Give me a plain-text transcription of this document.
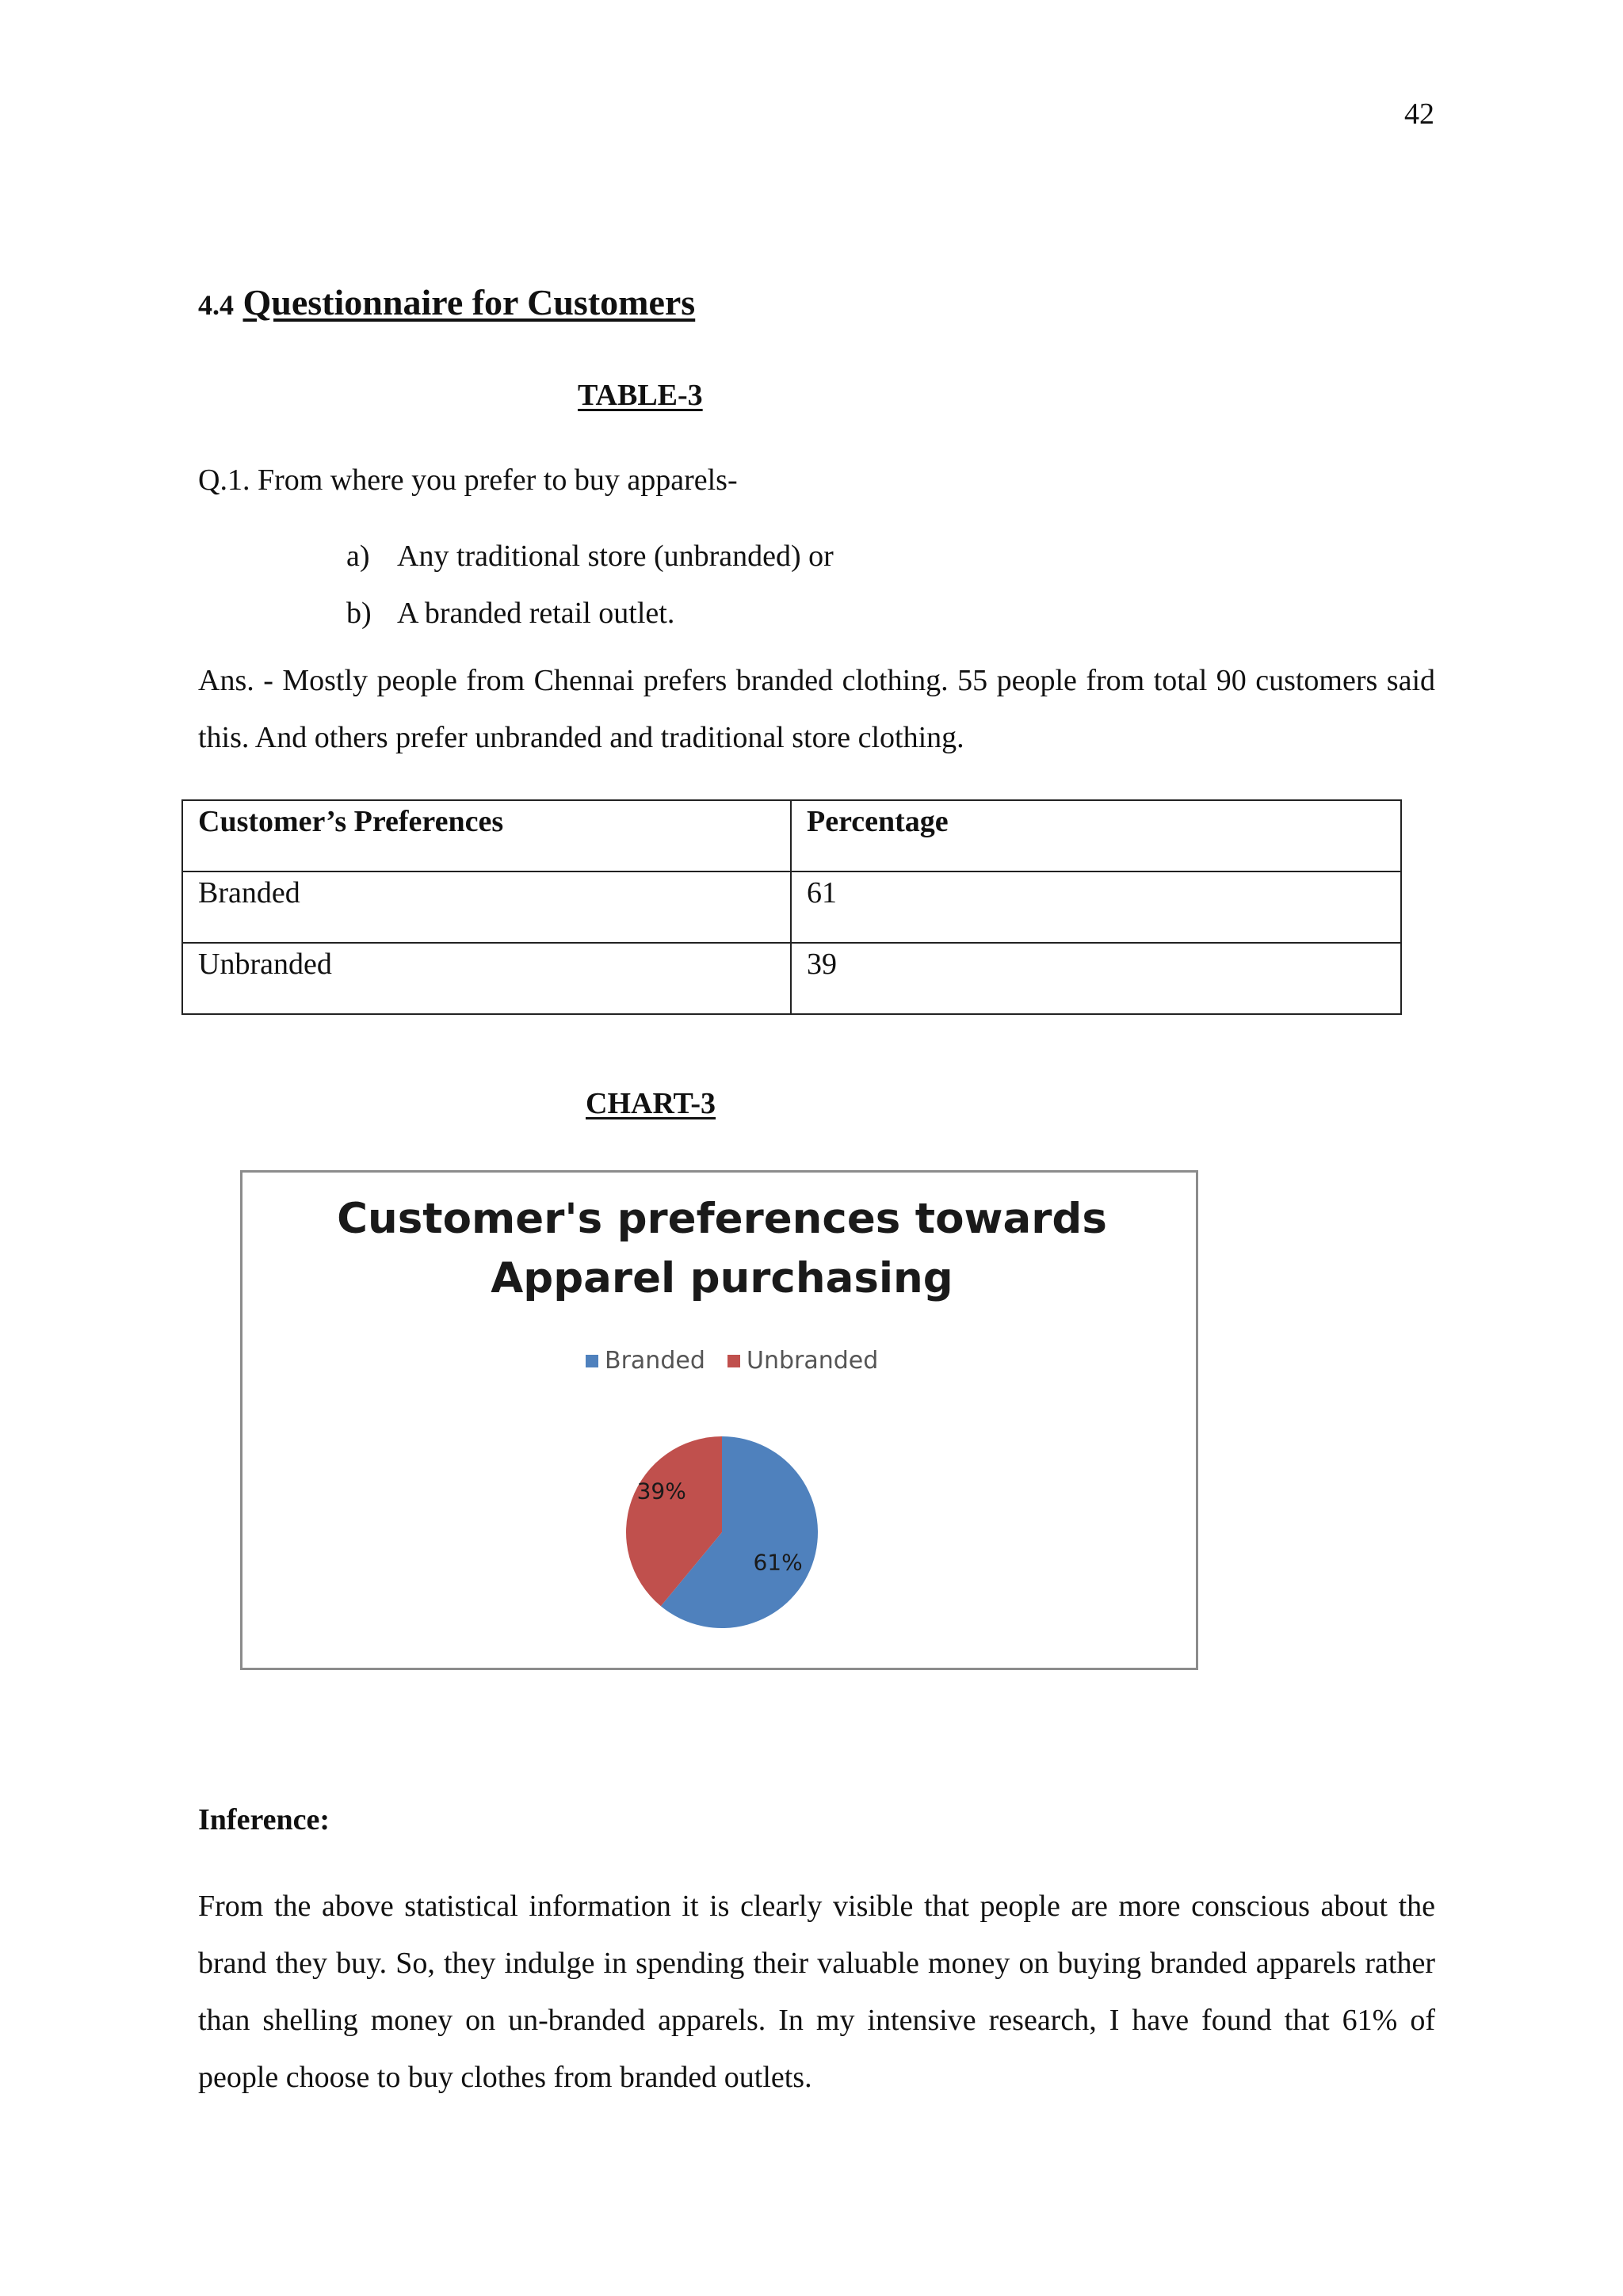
42
4.4 Questionnaire for Customers
TABLE-3
Q.1. From where you prefer to buy apparels-
a) Any traditional store (unbranded) or
b) A branded retail outlet.
Ans. - Mostly people from Chennai prefers branded clothing. 55 people from total 90 customers said this. And others prefer unbranded and traditional store clothing.
Customer’s Preferences	Percentage
Branded	61
Unbranded	39
CHART-3
Customer's preferences towards
Apparel purchasing
Branded Unbranded
61%
39%
Inference:
From the above statistical information it is clearly visible that people are more conscious about the brand they buy. So, they indulge in spending their valuable money on buying branded apparels rather than shelling money on un-branded apparels. In my intensive research, I have found that 61% of people choose to buy clothes from branded outlets.
